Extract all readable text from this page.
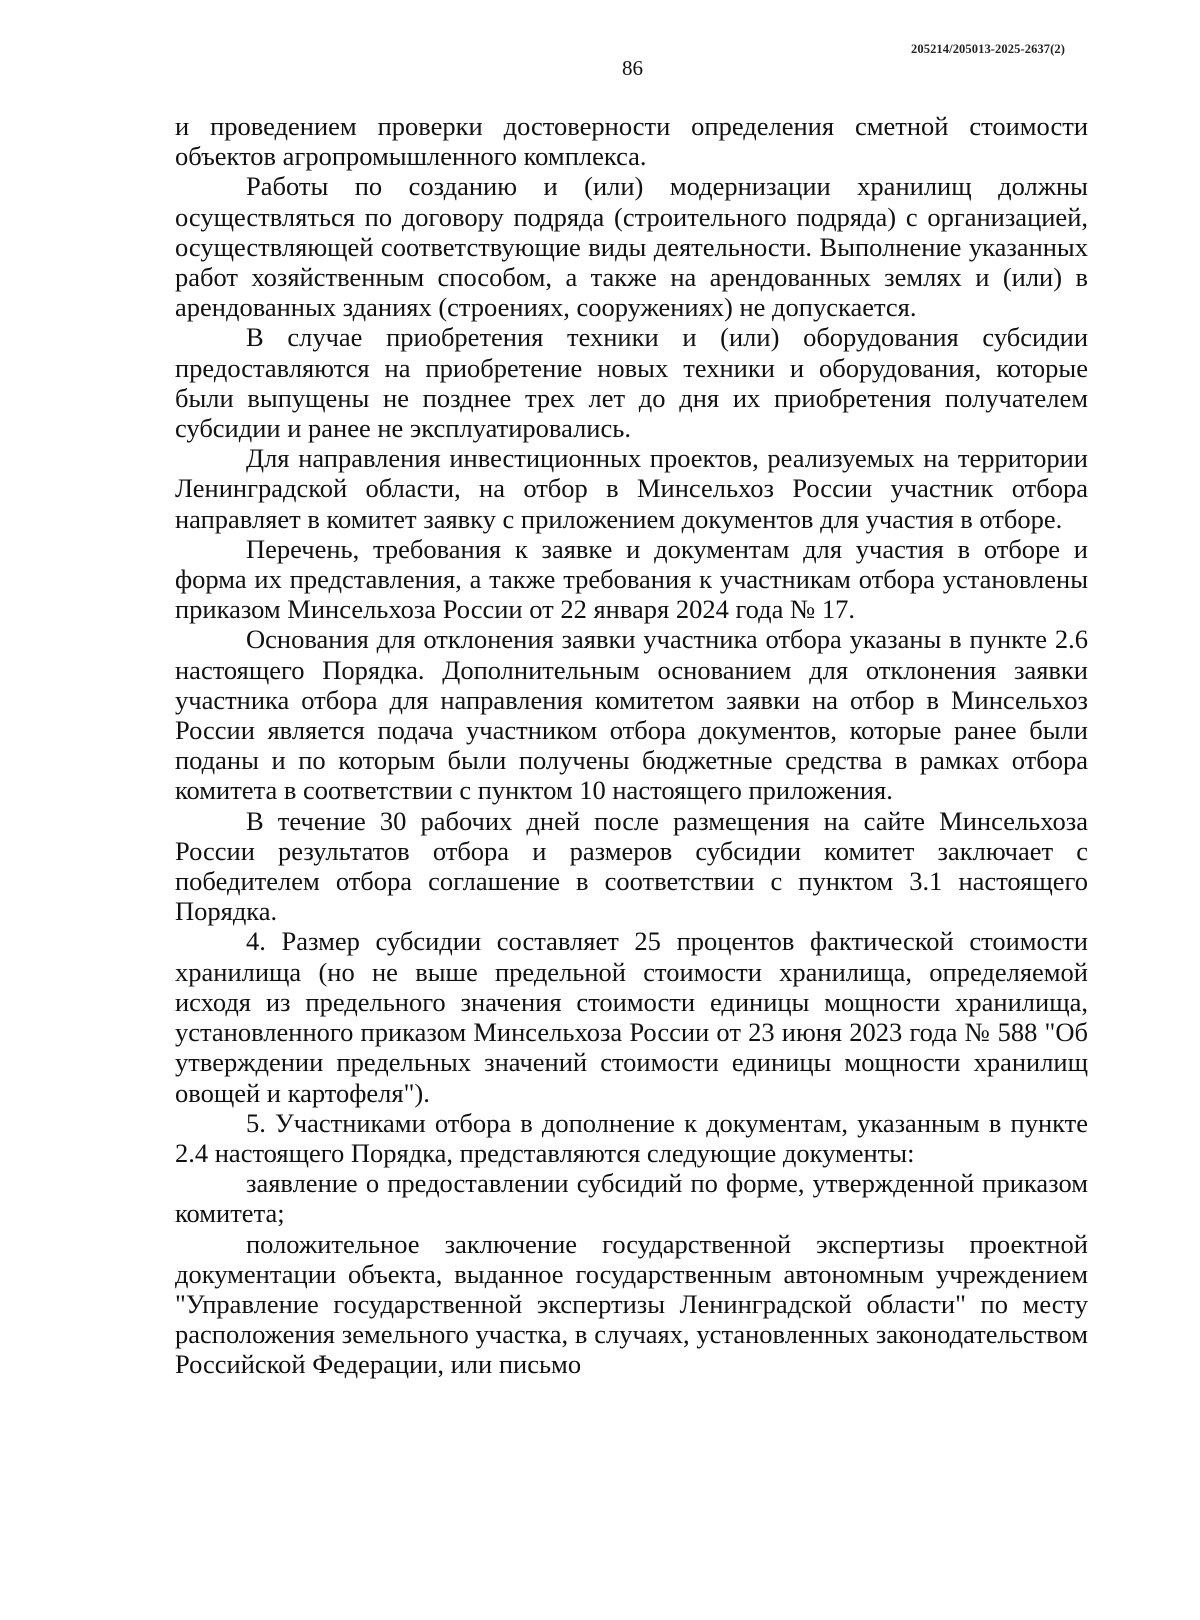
205214/205013-2025-2637(2)
86

и проведением проверки достоверности определения сметной стоимости объектов агропромышленного комплекса.

Работы по созданию и (или) модернизации хранилищ должны осуществляться по договору подряда (строительного подряда) с организацией, осуществляющей соответствующие виды деятельности. Выполнение указанных работ хозяйственным способом, а также на арендованных землях и (или) в арендованных зданиях (строениях, сооружениях) не допускается.

В случае приобретения техники и (или) оборудования субсидии предоставляются на приобретение новых техники и оборудования, которые были выпущены не позднее трех лет до дня их приобретения получателем субсидии и ранее не эксплуатировались.

Для направления инвестиционных проектов, реализуемых на территории Ленинградской области, на отбор в Минсельхоз России участник отбора направляет в комитет заявку с приложением документов для участия в отборе.

Перечень, требования к заявке и документам для участия в отборе и форма их представления, а также требования к участникам отбора установлены приказом Минсельхоза России от 22 января 2024 года № 17.

Основания для отклонения заявки участника отбора указаны в пункте 2.6 настоящего Порядка. Дополнительным основанием для отклонения заявки участника отбора для направления комитетом заявки на отбор в Минсельхоз России является подача участником отбора документов, которые ранее были поданы и по которым были получены бюджетные средства в рамках отбора комитета в соответствии с пунктом 10 настоящего приложения.

В течение 30 рабочих дней после размещения на сайте Минсельхоза России результатов отбора и размеров субсидии комитет заключает с победителем отбора соглашение в соответствии с пунктом 3.1 настоящего Порядка.

4. Размер субсидии составляет 25 процентов фактической стоимости хранилища (но не выше предельной стоимости хранилища, определяемой исходя из предельного значения стоимости единицы мощности хранилища, установленного приказом Минсельхоза России от 23 июня 2023 года № 588 "Об утверждении предельных значений стоимости единицы мощности хранилищ овощей и картофеля").

5. Участниками отбора в дополнение к документам, указанным в пункте 2.4 настоящего Порядка, представляются следующие документы:

заявление о предоставлении субсидий по форме, утвержденной приказом комитета;

положительное заключение государственной экспертизы проектной документации объекта, выданное государственным автономным учреждением "Управление государственной экспертизы Ленинградской области" по месту расположения земельного участка, в случаях, установленных законодательством Российской Федерации, или письмо
